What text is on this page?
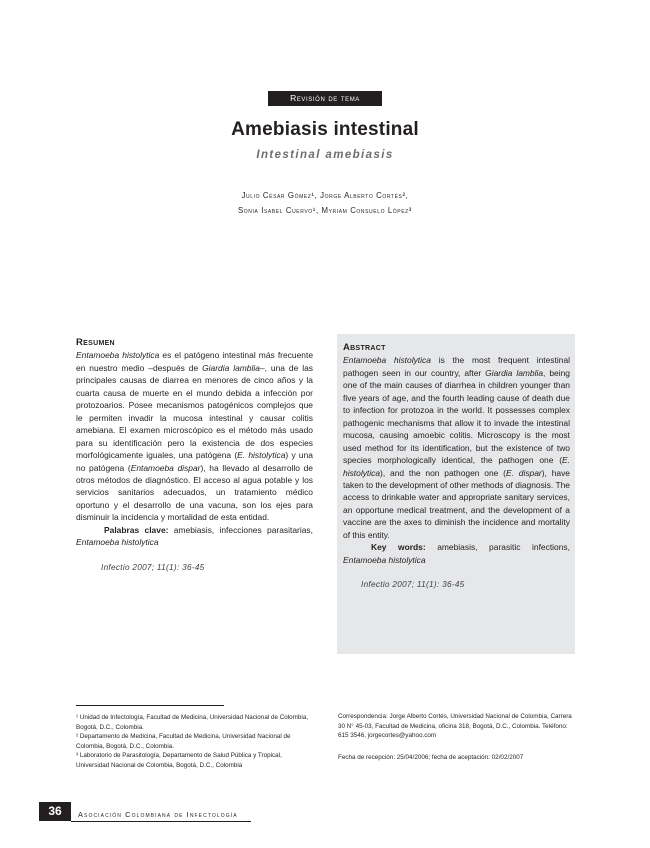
Revisión de tema
Amebiasis intestinal
Intestinal amebiasis
Julio César Gómez¹, Jorge Alberto Cortés²,
Sonia Isabel Cuervo¹, Myriam Consuelo López³
Resumen

Entamoeba histolytica es el patógeno intestinal más frecuente en nuestro medio –después de Giardia lamblia–, una de las principales causas de diarrea en menores de cinco años y la cuarta causa de muerte en el mundo debida a infección por protozoarios. Posee mecanismos patogénicos complejos que le permiten invadir la mucosa intestinal y causar colitis amebiana. El examen microscópico es el método más usado para su identificación pero la existencia de dos especies morfológicamente iguales, una patógena (E. histolytica) y una no patógena (Entamoeba dispar), ha llevado al desarrollo de otros métodos de diagnóstico. El acceso al agua potable y los servicios sanitarios adecuados, un tratamiento médico oportuno y el desarrollo de una vacuna, son los ejes para disminuir la incidencia y mortalidad de esta entidad.

Palabras clave: amebiasis, infecciones parasitarias, Entamoeba histolytica

Infectio 2007; 11(1): 36-45
Abstract

Entamoeba histolytica is the most frequent intestinal pathogen seen in our country, after Giardia lamblia, being one of the main causes of diarrhea in children younger than five years of age, and the fourth leading cause of death due to infection for protozoa in the world. It possesses complex pathogenic mechanisms that allow it to invade the intestinal mucosa, causing amoebic colitis. Microscopy is the most used method for its identification, but the existence of two species morphologically identical, the pathogen one (E. histolytica), and the non pathogen one (E. dispar), have taken to the development of other methods of diagnosis. The access to drinkable water and appropriate sanitary services, an opportune medical treatment, and the development of a vaccine are the axes to diminish the incidence and mortality of this entity.

Key words: amebiasis, parasitic infections, Entamoeba histolytica

Infectio 2007; 11(1): 36-45
¹ Unidad de Infectología, Facultad de Medicina, Universidad Nacional de Colombia, Bogotá, D.C., Colombia.
² Departamento de Medicina, Facultad de Medicina, Universidad Nacional de Colombia, Bogotá, D.C., Colombia.
³ Laboratorio de Parasitología, Departamento de Salud Pública y Tropical, Universidad Nacional de Colombia, Bogotá, D.C., Colombia
Correspondencia: Jorge Alberto Cortés, Universidad Nacional de Colombia, Carrera 30 N° 45-03, Facultad de Medicina, oficina 318, Bogotá, D.C., Colombia. Teléfono: 615 3546, jorgecortes@yahoo.com
Fecha de recepción: 25/04/2006; fecha de aceptación: 02/02/2007
36	Asociación Colombiana de Infectología
